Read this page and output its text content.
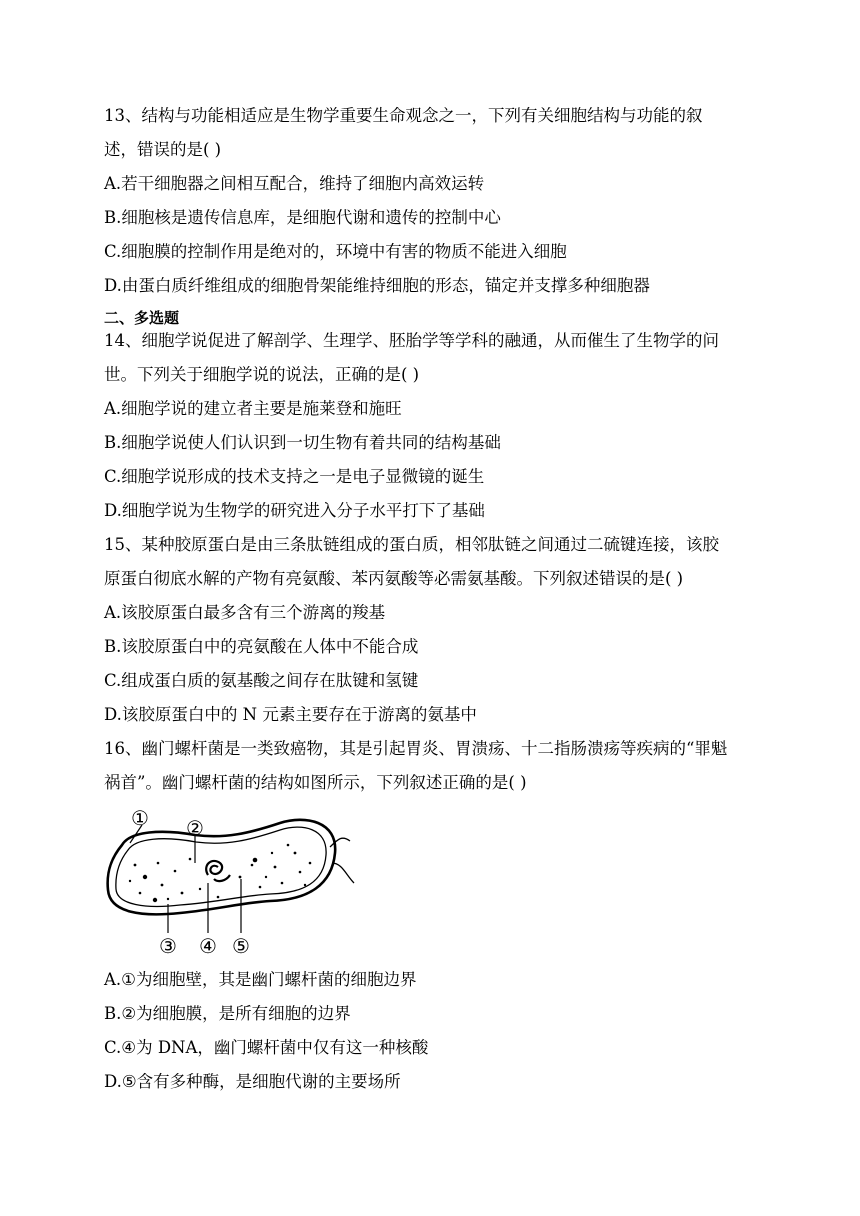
13、结构与功能相适应是生物学重要生命观念之一，下列有关细胞结构与功能的叙
述，错误的是( )
A.若干细胞器之间相互配合，维持了细胞内高效运转
B.细胞核是遗传信息库，是细胞代谢和遗传的控制中心
C.细胞膜的控制作用是绝对的，环境中有害的物质不能进入细胞
D.由蛋白质纤维组成的细胞骨架能维持细胞的形态，锚定并支撑多种细胞器
二、多选题
14、细胞学说促进了解剖学、生理学、胚胎学等学科的融通，从而催生了生物学的问
世。下列关于细胞学说的说法，正确的是( )
A.细胞学说的建立者主要是施莱登和施旺
B.细胞学说使人们认识到一切生物有着共同的结构基础
C.细胞学说形成的技术支持之一是电子显微镜的诞生
D.细胞学说为生物学的研究进入分子水平打下了基础
15、某种胶原蛋白是由三条肽链组成的蛋白质，相邻肽链之间通过二硫键连接，该胶
原蛋白彻底水解的产物有亮氨酸、苯丙氨酸等必需氨基酸。下列叙述错误的是( )
A.该胶原蛋白最多含有三个游离的羧基
B.该胶原蛋白中的亮氨酸在人体中不能合成
C.组成蛋白质的氨基酸之间存在肽键和氢键
D.该胶原蛋白中的 N 元素主要存在于游离的氨基中
16、幽门螺杆菌是一类致癌物，其是引起胃炎、胃溃疡、十二指肠溃疡等疾病的“罪魁
祸首”。幽门螺杆菌的结构如图所示，下列叙述正确的是( )
① ②
③ ④ ⑤
A.①为细胞壁，其是幽门螺杆菌的细胞边界
B.②为细胞膜，是所有细胞的边界
C.④为 DNA，幽门螺杆菌中仅有这一种核酸
D.⑤含有多种酶，是细胞代谢的主要场所
